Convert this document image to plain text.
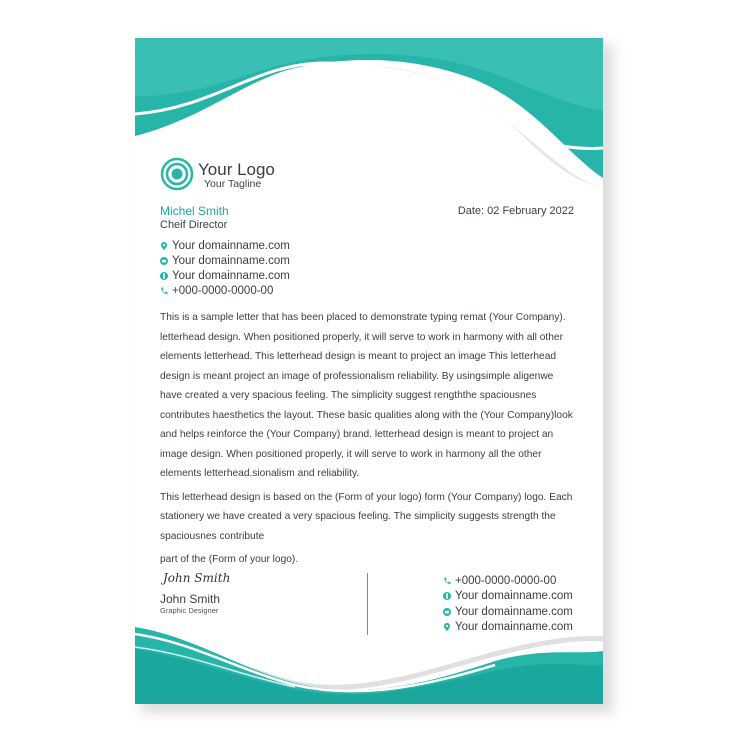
Your Logo
Your Tagline
Michel Smith
Cheif Director
Date: 02 February 2022
Your domainname.com
Your domainname.com
Your domainname.com
+000-0000-0000-00

This is a sample letter that has been placed to demonstrate typing remat (Your Company). letterhead design. When positioned properly, it will serve to work in harmony with all other elements letterhead. This letterhead design is meant to project an image This letterhead design is meant project an image of professionalism reliability. By usingsimple aligenwe have created a very spacious feeling. The simplicity suggest rengththe spaciousnes contributes haesthetics the layout. These basic qualities along with the (Your Company)look and helps reinforce the (Your Company) brand. letterhead design is meant to project an image design. When positioned properly, it will serve to work in harmony all the other elements letterhead.sionalism and reliability.

This letterhead design is based on the (Form of your logo) form (Your Company) logo. Each stationery we have created a very spacious feeling. The simplicity suggests strength the spaciousnes contribute

part of the (Form of your logo).

John Smith
John Smith
Graphic Designer
+000-0000-0000-00
Your domainname.com
Your domainname.com
Your domainname.com
